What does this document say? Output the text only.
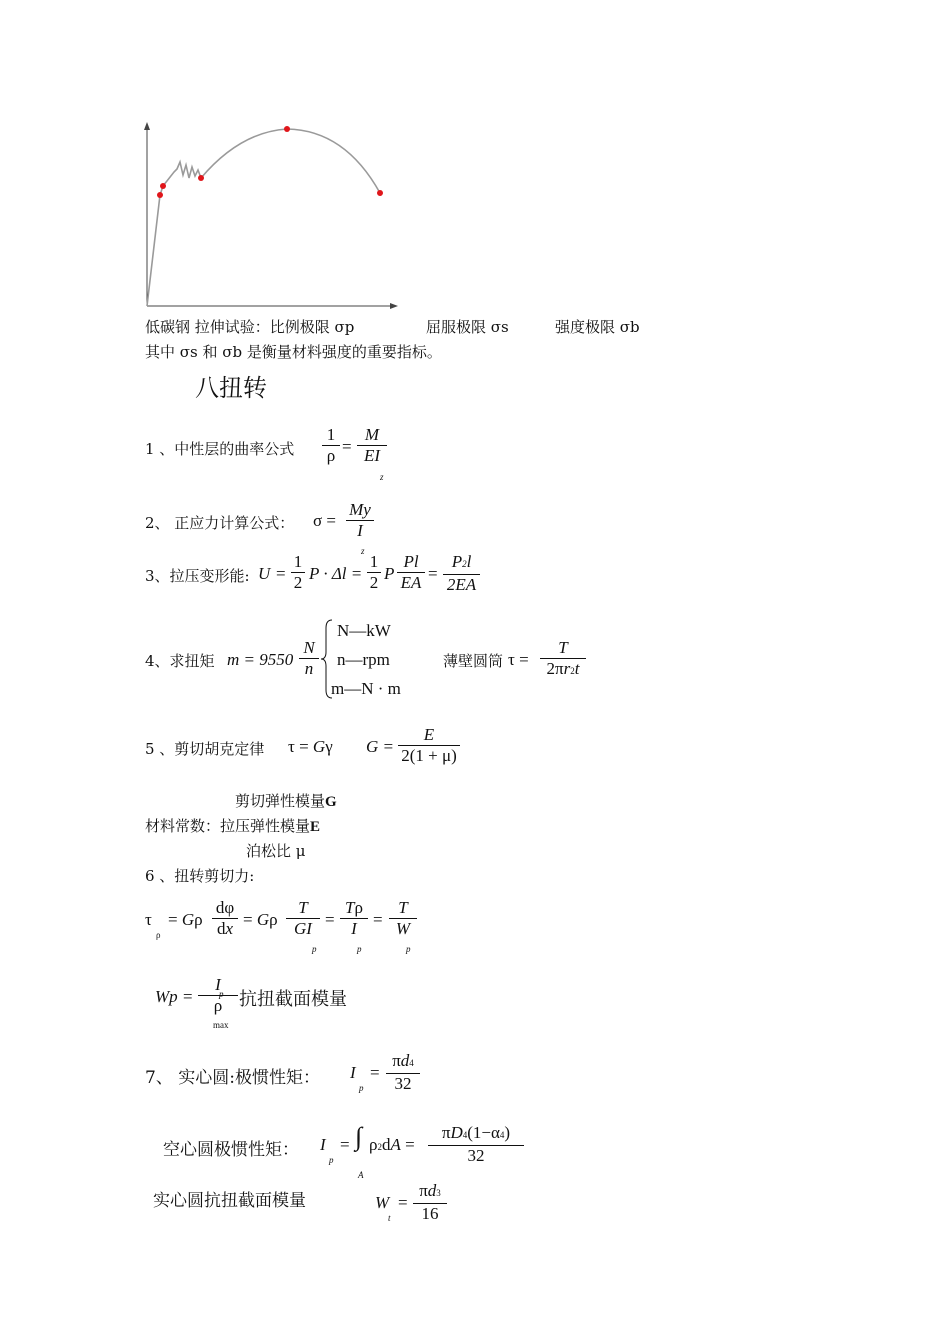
低碳钢 拉伸试验：比例极限 σp	屈服极限 σs	强度极限 σb
其中 σs 和 σb 是衡量材料强度的重要指标。
八扭转
1 、中性层的曲率公式
1
ρ =
M
EI
z
2、 正应力计算公式： σ =
My
I
z
3、拉压变形能: U =
1
2 P · Δl =
1
2 P
Pl
EA =
P2l
2EA
4、求扭矩 m = 9550
N
n
N—kW
n—rpm
m—N · m
薄壁圆筒 τ =
T
2πr2t
5 、剪切胡克定律 τ = Gγ G =
E
2(1 + μ)
剪切弹性模量G
材料常数：拉压弹性模量E
泊松比 μ
6 、扭转剪切力:
τ
ρ
= Gρ
dφ
dx = Gρ
T
GI
p
=
Tρ
I
p
=
T
W
p
Wp =
I
ρ
p
max
抗扭截面模量
7、 实心圆:极惯性矩： I
p
=
πd4
32
空心圆极惯性矩： I
p
= ∫
A
ρ2dA =
πD4(1−α4)
32
实心圆抗扭截面模量	W
t
=
πd3
16
